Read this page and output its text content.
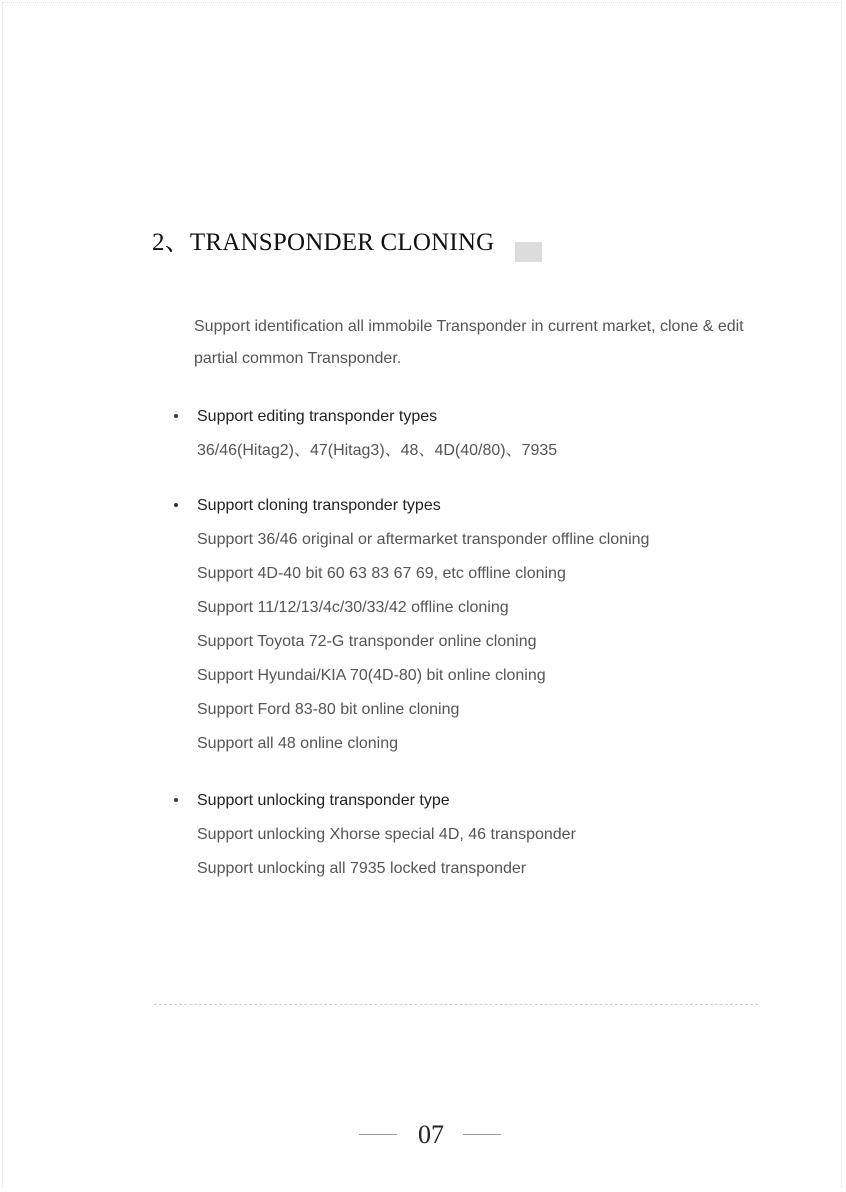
2、TRANSPONDER CLONING

Support identification all immobile Transponder in current market, clone & edit partial common Transponder.

Support editing transponder types
36/46(Hitag2)、47(Hitag3)、48、4D(40/80)、7935
Support cloning transponder types
Support 36/46 original or aftermarket transponder offline cloning
Support 4D-40 bit 60 63 83 67 69, etc offline cloning
Support 11/12/13/4c/30/33/42 offline cloning
Support Toyota 72-G transponder online cloning
Support Hyundai/KIA 70(4D-80) bit online cloning
Support Ford 83-80 bit online cloning
Support all 48 online cloning
Support unlocking transponder type
Support unlocking Xhorse special 4D, 46 transponder
Support unlocking all 7935 locked transponder
07
